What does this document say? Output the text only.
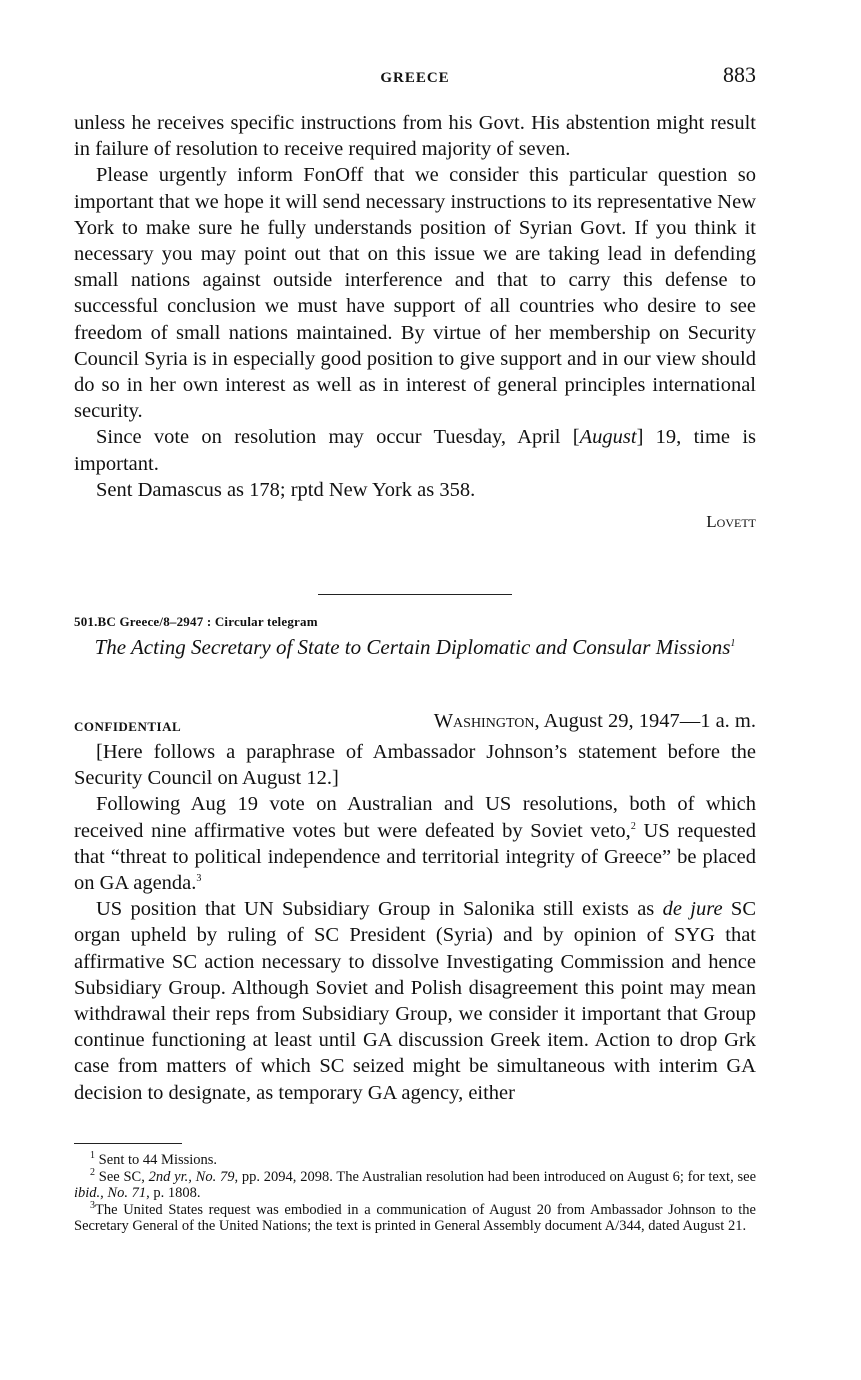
GREECE	883

unless he receives specific instructions from his Govt. His abstention might result in failure of resolution to receive required majority of seven.

Please urgently inform FonOff that we consider this particular question so important that we hope it will send necessary instructions to its representative New York to make sure he fully understands position of Syrian Govt. If you think it necessary you may point out that on this issue we are taking lead in defending small nations against outside interference and that to carry this defense to successful conclusion we must have support of all countries who desire to see freedom of small nations maintained. By virtue of her membership on Security Council Syria is in especially good position to give support and in our view should do so in her own interest as well as in interest of general principles international security.

Since vote on resolution may occur Tuesday, April [August] 19, time is important.

Sent Damascus as 178; rptd New York as 358.

Lovett

501.BC Greece/8–2947 : Circular telegram
The Acting Secretary of State to Certain Diplomatic and Consular Missions$^1$
CONFIDENTIAL	Washington, August 29, 1947—1 a. m.

[Here follows a paraphrase of Ambassador Johnson’s statement before the Security Council on August 12.]

Following Aug 19 vote on Australian and US resolutions, both of which received nine affirmative votes but were defeated by Soviet veto,$^2$ US requested that “threat to political independence and territorial integrity of Greece” be placed on GA agenda.$^3$

US position that UN Subsidiary Group in Salonika still exists as de jure SC organ upheld by ruling of SC President (Syria) and by opinion of SYG that affirmative SC action necessary to dissolve Investigating Commission and hence Subsidiary Group. Although Soviet and Polish disagreement this point may mean withdrawal their reps from Subsidiary Group, we consider it important that Group continue functioning at least until GA discussion Greek item. Action to drop Grk case from matters of which SC seized might be simultaneous with interim GA decision to designate, as temporary GA agency, either

$^1$ Sent to 44 Missions.

$^2$ See SC, 2nd yr., No. 79, pp. 2094, 2098. The Australian resolution had been introduced on August 6; for text, see ibid., No. 71, p. 1808.

$^3$The United States request was embodied in a communication of August 20 from Ambassador Johnson to the Secretary General of the United Nations; the text is printed in General Assembly document A/344, dated August 21.
